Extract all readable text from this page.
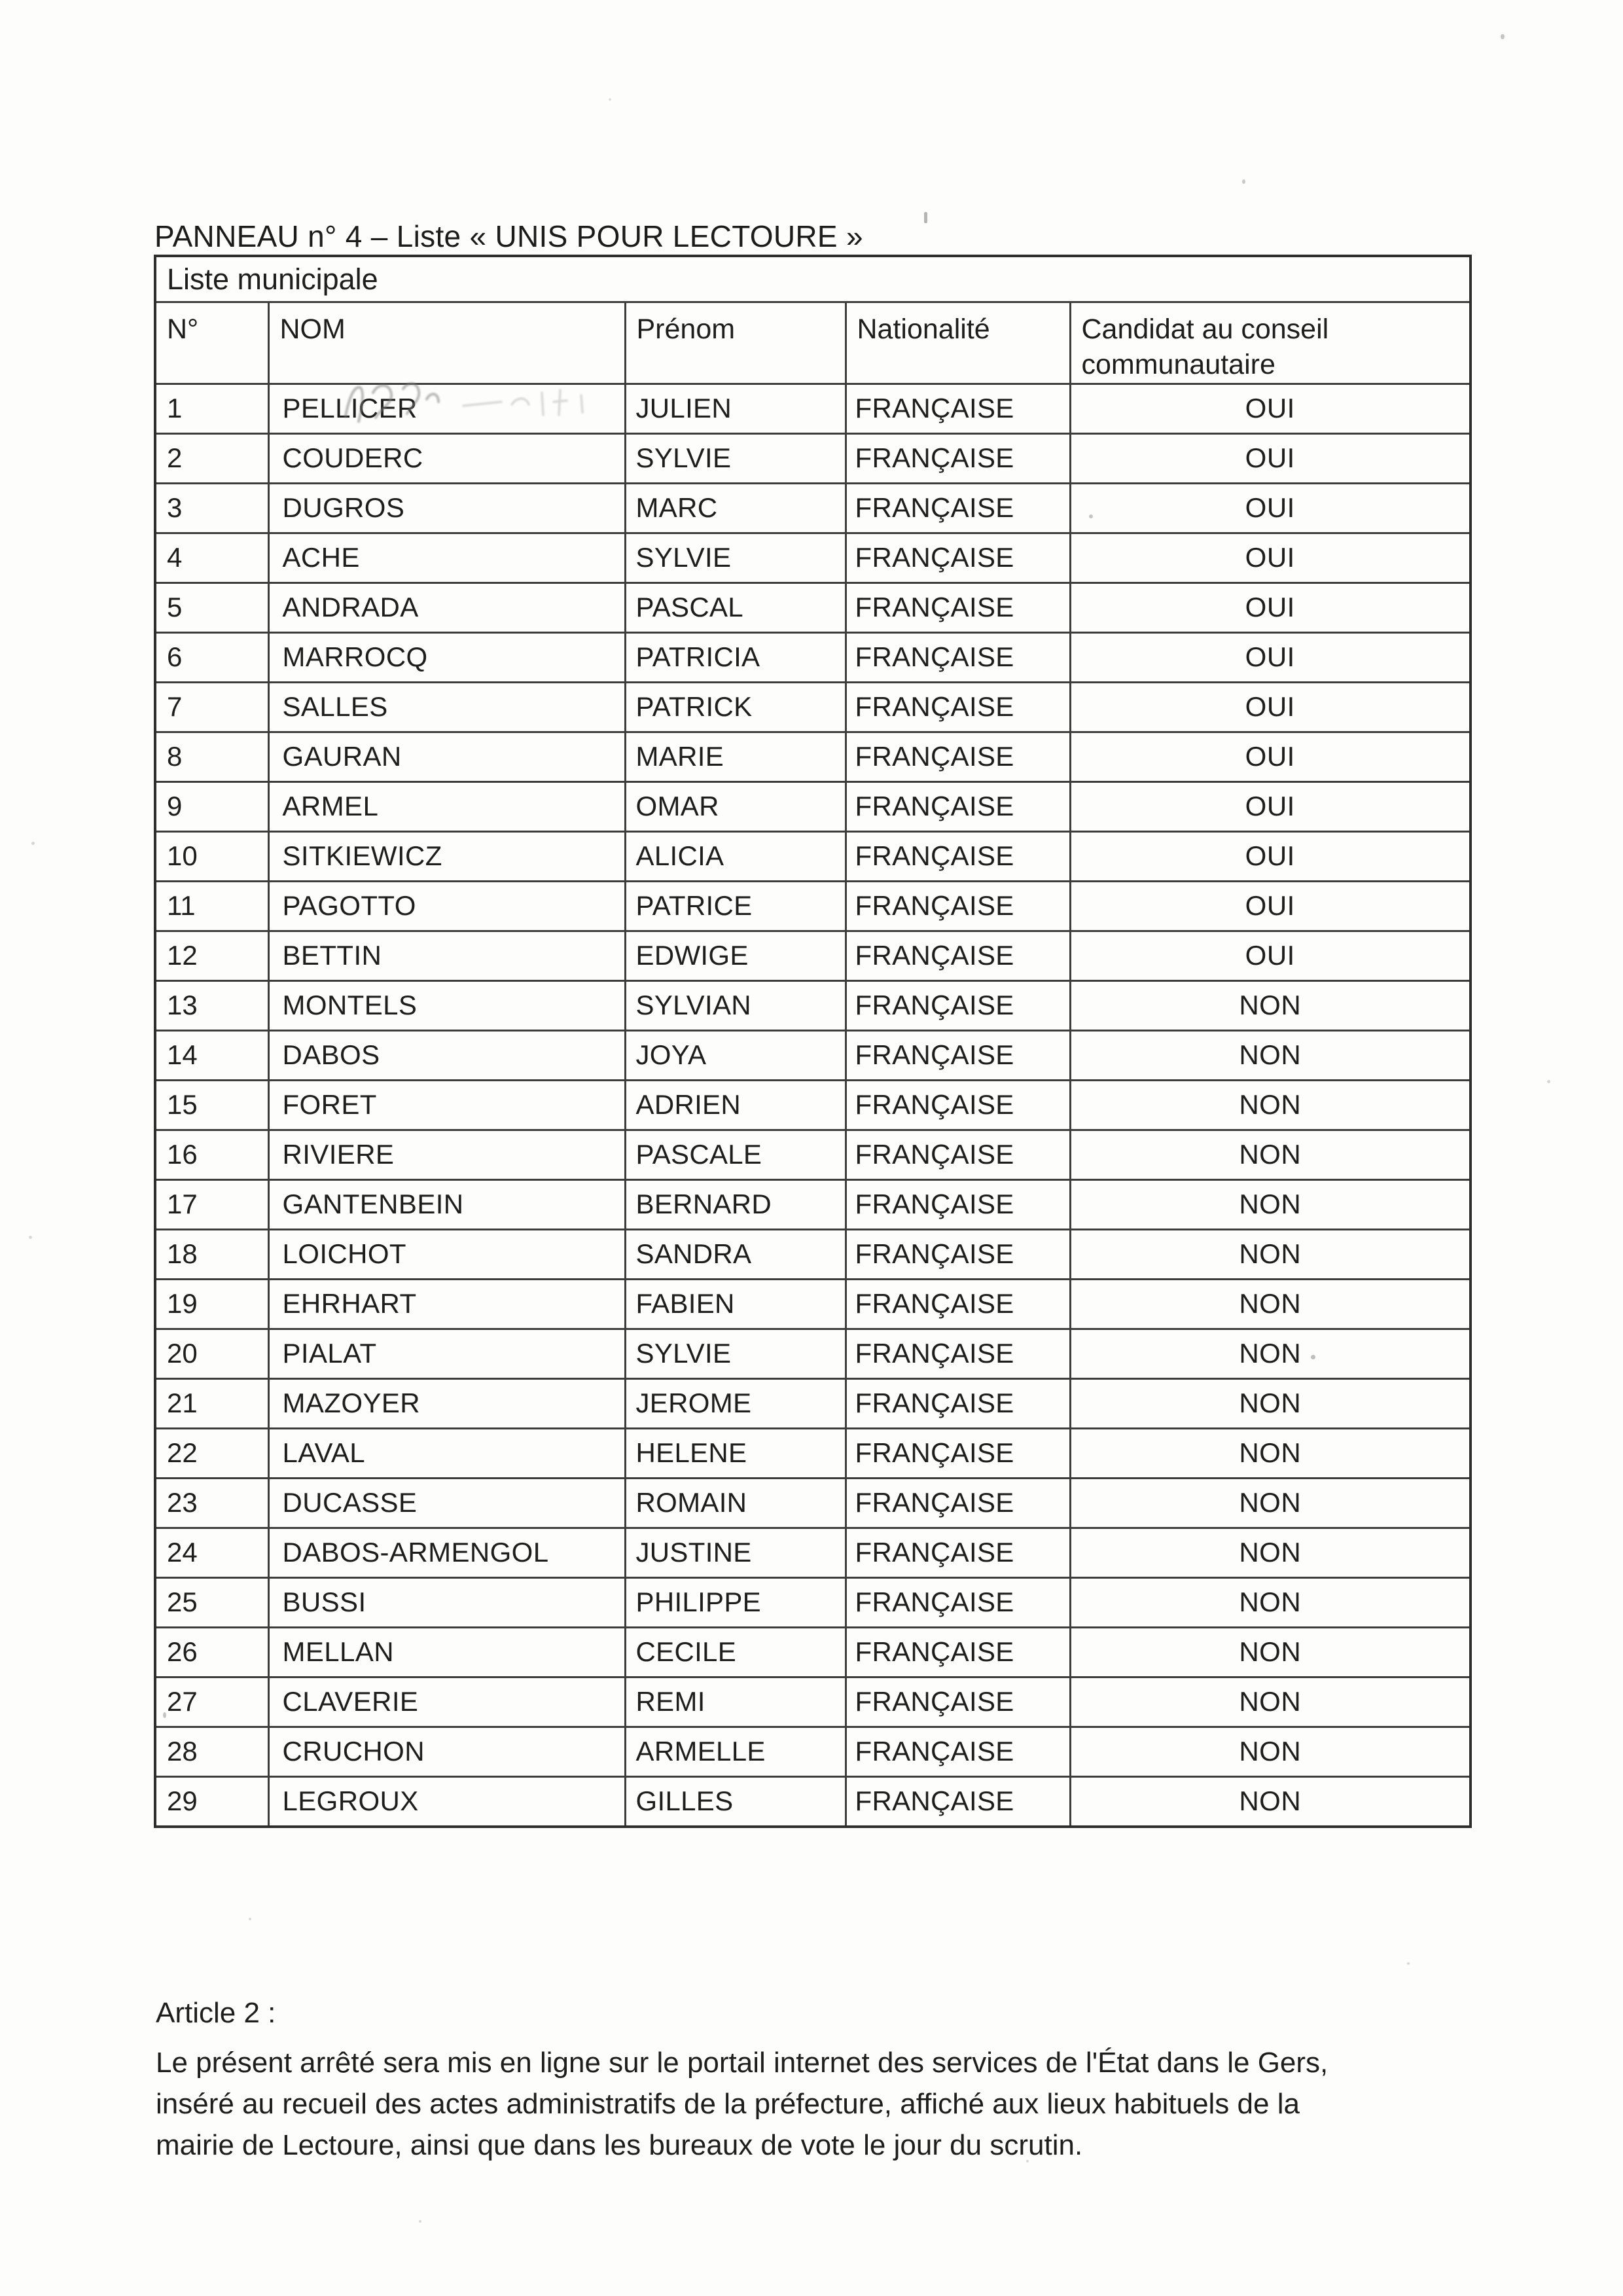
PANNEAU n° 4 – Liste « UNIS POUR LECTOURE »
Liste municipale				
N°	NOM	Prénom	Nationalité	Candidat au conseil communautaire
1	PELLICER	JULIEN	FRANÇAISE	OUI
2	COUDERC	SYLVIE	FRANÇAISE	OUI
3	DUGROS	MARC	FRANÇAISE	OUI
4	ACHE	SYLVIE	FRANÇAISE	OUI
5	ANDRADA	PASCAL	FRANÇAISE	OUI
6	MARROCQ	PATRICIA	FRANÇAISE	OUI
7	SALLES	PATRICK	FRANÇAISE	OUI
8	GAURAN	MARIE	FRANÇAISE	OUI
9	ARMEL	OMAR	FRANÇAISE	OUI
10	SITKIEWICZ	ALICIA	FRANÇAISE	OUI
11	PAGOTTO	PATRICE	FRANÇAISE	OUI
12	BETTIN	EDWIGE	FRANÇAISE	OUI
13	MONTELS	SYLVIAN	FRANÇAISE	NON
14	DABOS	JOYA	FRANÇAISE	NON
15	FORET	ADRIEN	FRANÇAISE	NON
16	RIVIERE	PASCALE	FRANÇAISE	NON
17	GANTENBEIN	BERNARD	FRANÇAISE	NON
18	LOICHOT	SANDRA	FRANÇAISE	NON
19	EHRHART	FABIEN	FRANÇAISE	NON
20	PIALAT	SYLVIE	FRANÇAISE	NON
21	MAZOYER	JEROME	FRANÇAISE	NON
22	LAVAL	HELENE	FRANÇAISE	NON
23	DUCASSE	ROMAIN	FRANÇAISE	NON
24	DABOS-ARMENGOL	JUSTINE	FRANÇAISE	NON
25	BUSSI	PHILIPPE	FRANÇAISE	NON
26	MELLAN	CECILE	FRANÇAISE	NON
27	CLAVERIE	REMI	FRANÇAISE	NON
28	CRUCHON	ARMELLE	FRANÇAISE	NON
29	LEGROUX	GILLES	FRANÇAISE	NON
Article 2 :
Le présent arrêté sera mis en ligne sur le portail internet des services de l'État dans le Gers,
inséré au recueil des actes administratifs de la préfecture, affiché aux lieux habituels de la
mairie de Lectoure, ainsi que dans les bureaux de vote le jour du scrutin.
